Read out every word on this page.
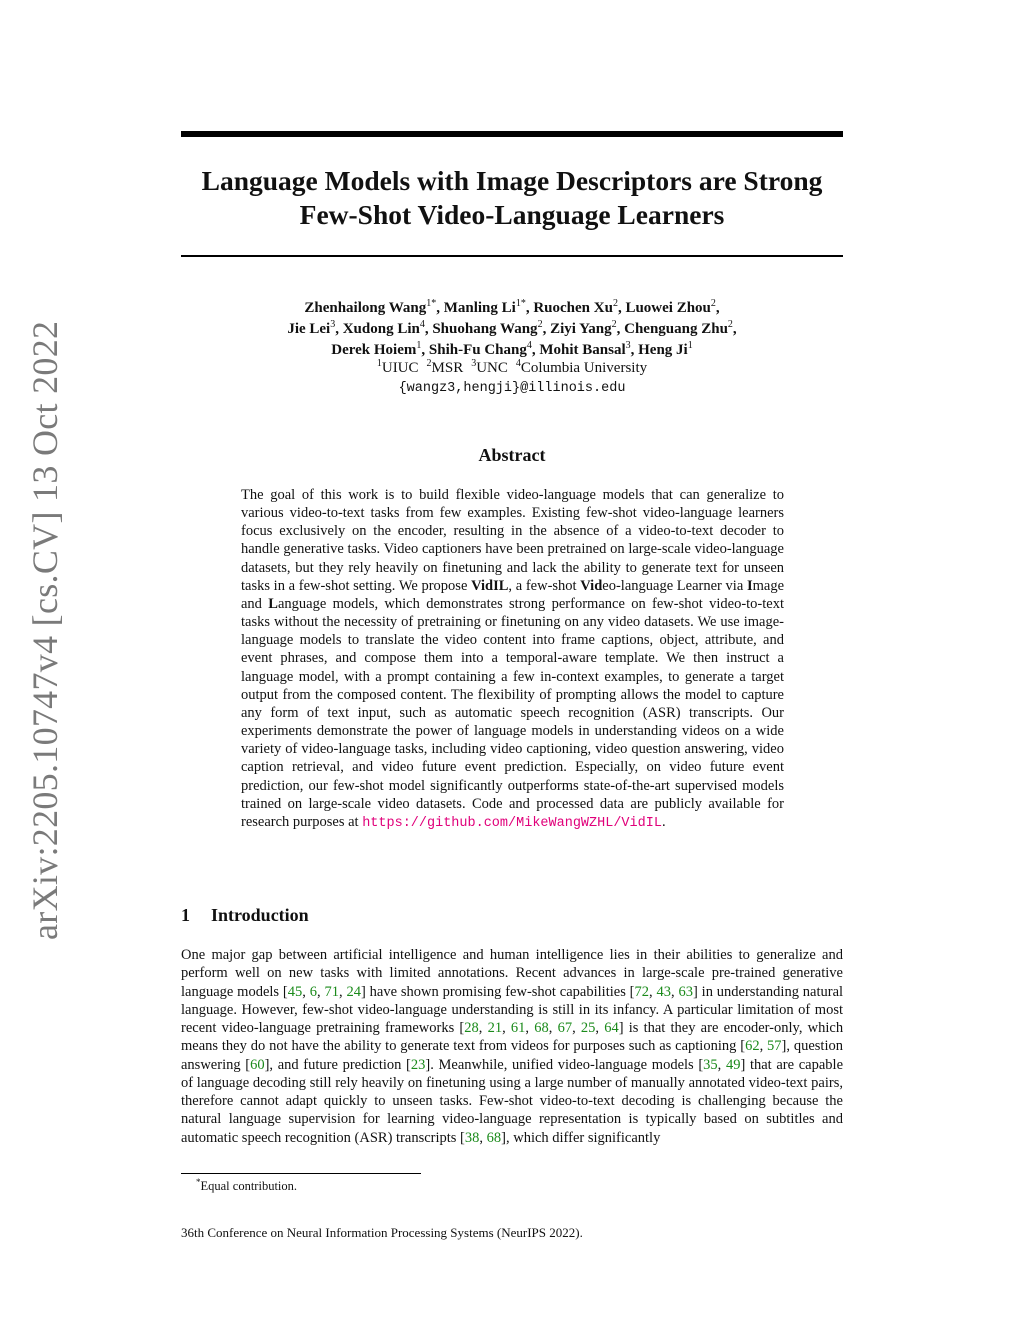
arXiv:2205.10747v4 [cs.CV] 13 Oct 2022
Language Models with Image Descriptors are Strong
Few-Shot Video-Language Learners
Zhenhailong Wang$^{1*}$, Manling $Li^{1*}$, Ruochen Xu$^2$, Luowei Zhou$^2$,
Jie Lei$^3$, Xudong Lin$^4$, Shuohang Wang$^2$, Ziyi Yang$^2$, Chenguang Zhu$^2$,
Derek Hoiem$^1$, Shih-Fu Chang$^4$, Mohit Bansal$^3$, Heng Ji$^1$
$^1$UIUC $^2$MSR $^3$UNC $^4$Columbia University
{wangz3,hengji}@illinois.edu
Abstract
The goal of this work is to build flexible video-language models that can generalize to various video-to-text tasks from few examples. Existing few-shot video-language learners focus exclusively on the encoder, resulting in the absence of a video-to-text decoder to handle generative tasks. Video captioners have been pretrained on large-scale video-language datasets, but they rely heavily on finetuning and lack the ability to generate text for unseen tasks in a few-shot setting. We propose VidIL, a few-shot Video-language Learner via Image and Language models, which demonstrates strong performance on few-shot video-to-text tasks without the necessity of pretraining or finetuning on any video datasets. We use image-language models to translate the video content into frame captions, object, attribute, and event phrases, and compose them into a temporal-aware template. We then instruct a language model, with a prompt containing a few in-context examples, to generate a target output from the composed content. The flexibility of prompting allows the model to capture any form of text input, such as automatic speech recognition (ASR) transcripts. Our experiments demonstrate the power of language models in understanding videos on a wide variety of video-language tasks, including video captioning, video question answering, video caption retrieval, and video future event prediction. Especially, on video future event prediction, our few-shot model significantly outperforms state-of-the-art supervised models trained on large-scale video datasets. Code and processed data are publicly available for research purposes at https://github.com/MikeWangWZHL/VidIL.
1 Introduction
One major gap between artificial intelligence and human intelligence lies in their abilities to generalize and perform well on new tasks with limited annotations. Recent advances in large-scale pre-trained generative language models [45, 6, 71, 24] have shown promising few-shot capabilities [72, 43, 63] in understanding natural language. However, few-shot video-language understanding is still in its infancy. A particular limitation of most recent video-language pretraining frameworks [28, 21, 61, 68, 67, 25, 64] is that they are encoder-only, which means they do not have the ability to generate text from videos for purposes such as captioning [62, 57], question answering [60], and future prediction [23]. Meanwhile, unified video-language models [35, 49] that are capable of language decoding still rely heavily on finetuning using a large number of manually annotated video-text pairs, therefore cannot adapt quickly to unseen tasks. Few-shot video-to-text decoding is challenging because the natural language supervision for learning video-language representation is typically based on subtitles and automatic speech recognition (ASR) transcripts [38, 68], which differ significantly
*Equal contribution.
36th Conference on Neural Information Processing Systems (NeurIPS 2022).
